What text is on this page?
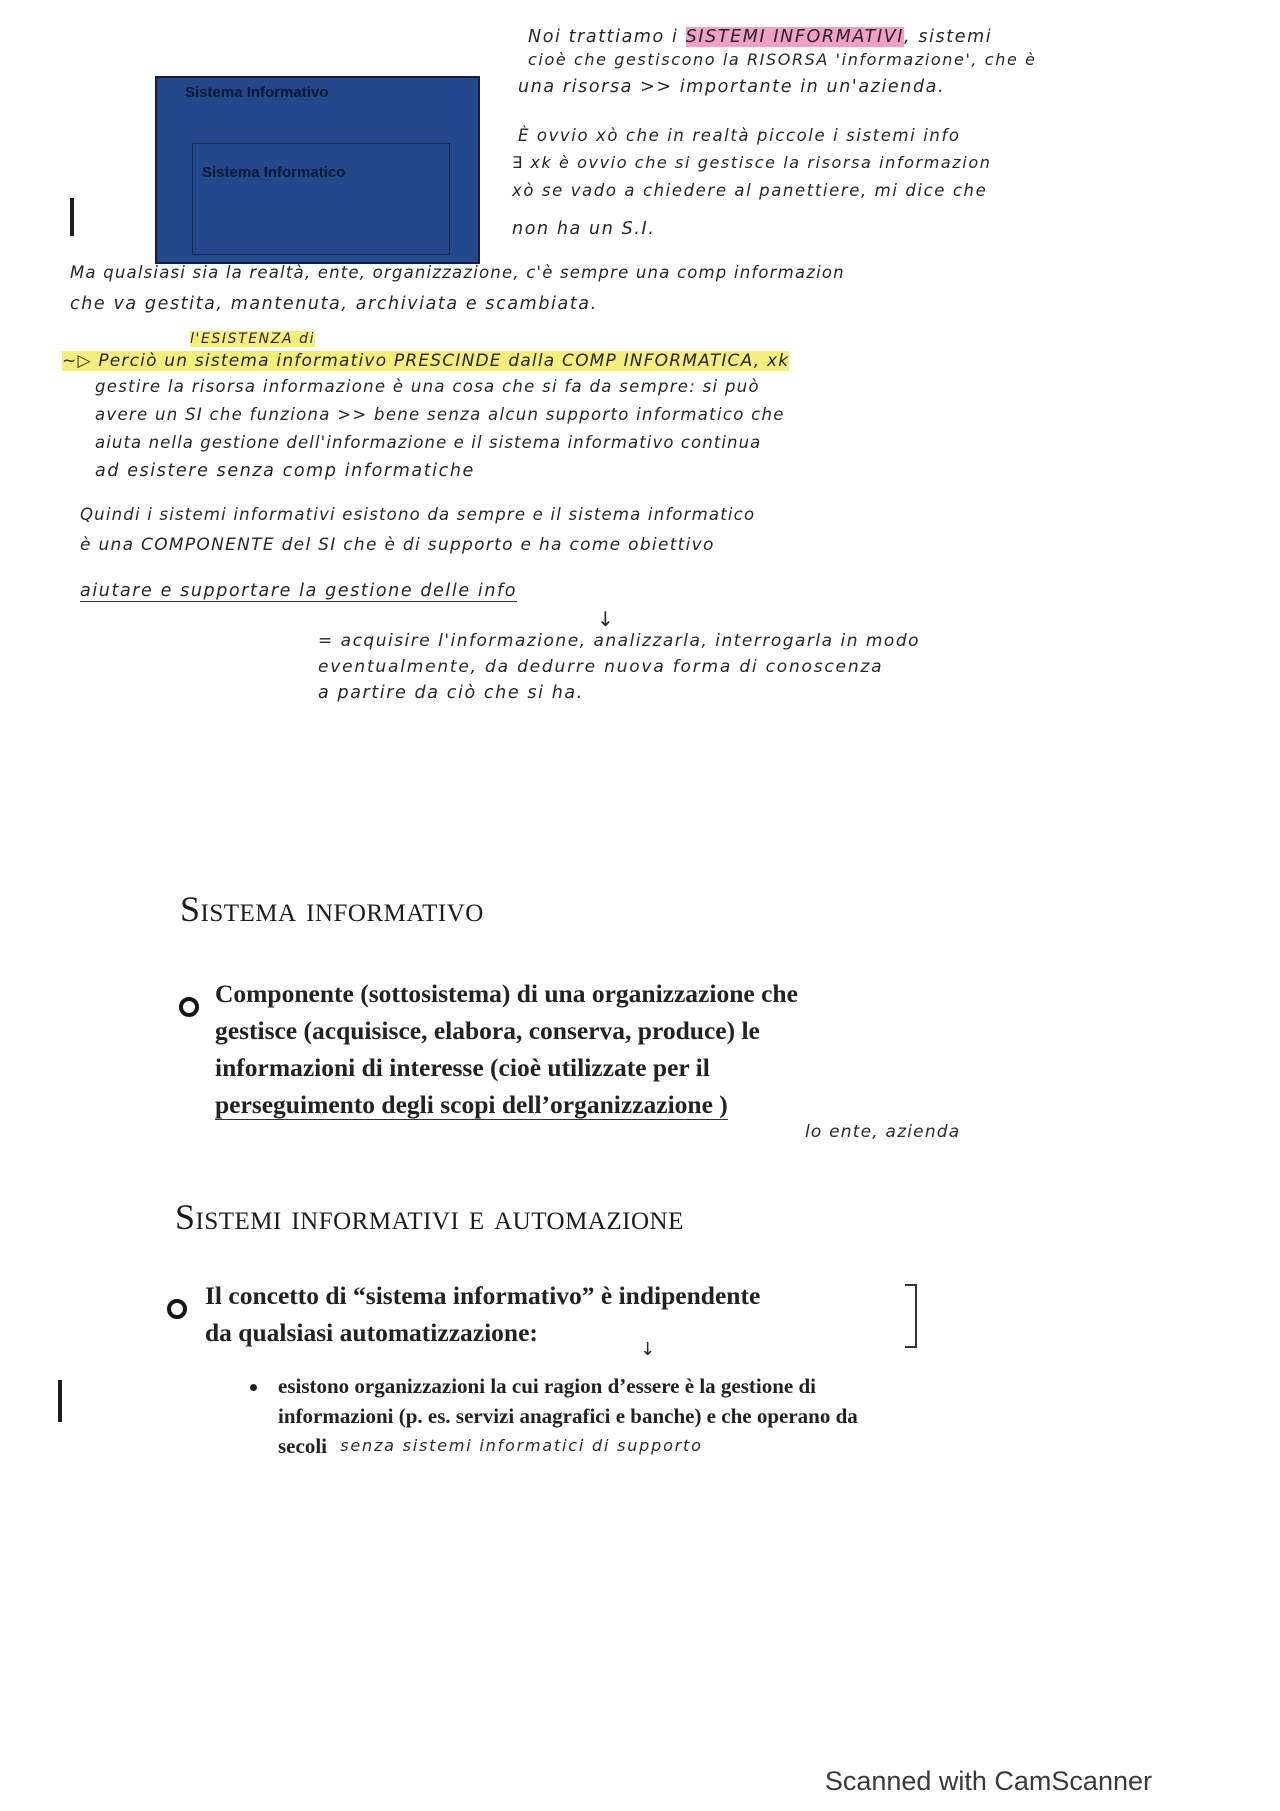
Sistema Informativo
Sistema Informatico
Noi trattiamo i SISTEMI INFORMATIVI, sistemi
cioè che gestiscono la RISORSA 'informazione', che è
una risorsa >> importante in un'azienda.
È ovvio xò che in realtà piccole i sistemi info
∃ xk è ovvio che si gestisce la risorsa informazion
xò se vado a chiedere al panettiere, mi dice che
non ha un S.I.
Ma qualsiasi sia la realtà, ente, organizzazione, c'è sempre una comp informazion
che va gestita, mantenuta, archiviata e scambiata.
l'ESISTENZA di
~▷ Perciò un sistema informativo PRESCINDE dalla COMP INFORMATICA, xk
gestire la risorsa informazione è una cosa che si fa da sempre: si può
avere un SI che funziona >> bene senza alcun supporto informatico che
aiuta nella gestione dell'informazione e il sistema informativo continua
ad esistere senza comp informatiche
Quindi i sistemi informativi esistono da sempre e il sistema informatico
è una COMPONENTE del SI che è di supporto e ha come obiettivo
aiutare e supportare la gestione delle info
↓
= acquisire l'informazione, analizzarla, interrogarla in modo
eventualmente, da dedurre nuova forma di conoscenza
a partire da ciò che si ha.
Sistema informativo
Componente (sottosistema) di una organizzazione che
gestisce (acquisisce, elabora, conserva, produce) le
informazioni di interesse (cioè utilizzate per il
perseguimento degli scopi dell’organizzazione )
lo ente, azienda
Sistemi informativi e automazione
Il concetto di “sistema informativo” è indipendente
da qualsiasi automatizzazione:
↓
esistono organizzazioni la cui ragion d’essere è la gestione di
informazioni (p. es. servizi anagrafici e banche) e che operano da
secoli senza sistemi informatici di supporto
Scanned with CamScanner
